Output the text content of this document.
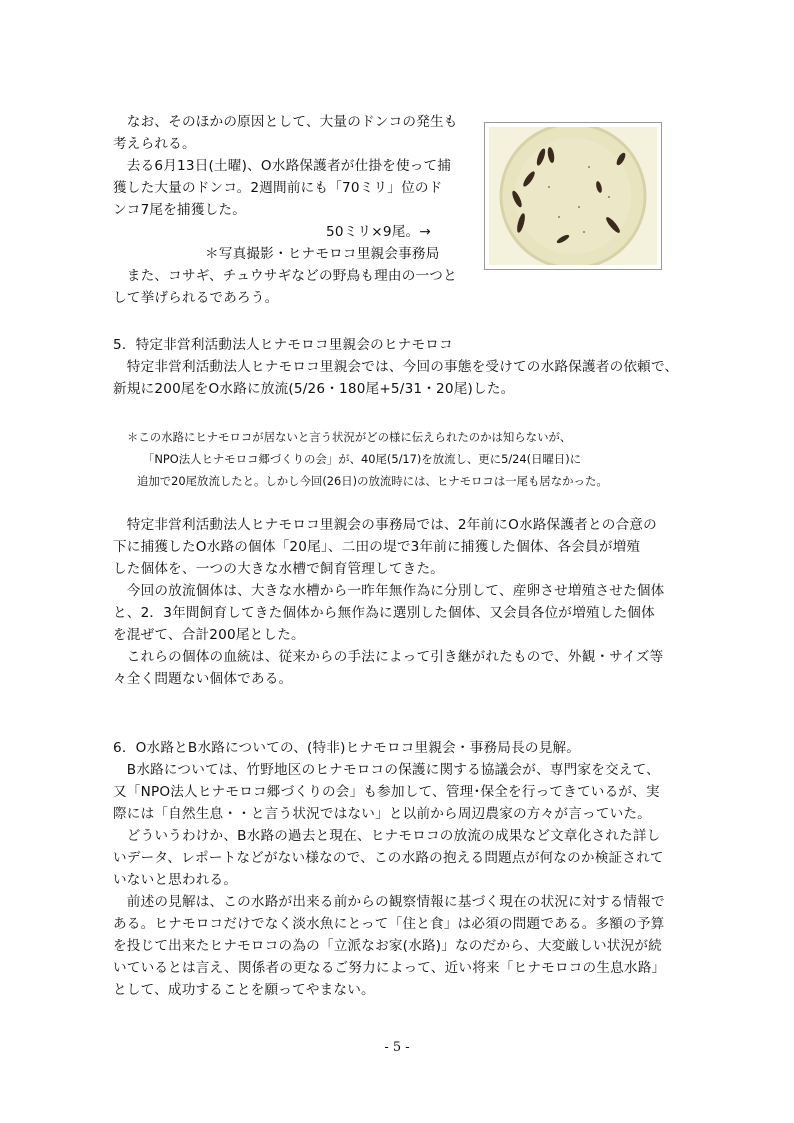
　なお、そのほかの原因として、大量のドンコの発生も
考えられる。
　去る6月13日(土曜)、O水路保護者が仕掛を使って捕
獲した大量のドンコ。2週間前にも「70ミリ」位のド
ンコ7尾を捕獲した。
50ミリ×9尾。→
＊写真撮影・ヒナモロコ里親会事務局
　また、コサギ、チュウサギなどの野鳥も理由の一つと
して挙げられるであろう。
5．特定非営利活動法人ヒナモロコ里親会のヒナモロコ
　特定非営利活動法人ヒナモロコ里親会では、今回の事態を受けての水路保護者の依頼で、
新規に200尾をO水路に放流(5/26・180尾+5/31・20尾)した。
＊この水路にヒナモロコが居ないと言う状況がどの様に伝えられたのかは知らないが、
「NPO法人ヒナモロコ郷づくりの会」が、40尾(5/17)を放流し、更に5/24(日曜日)に
追加で20尾放流したと。しかし今回(26日)の放流時には、ヒナモロコは一尾も居なかった。
　特定非営利活動法人ヒナモロコ里親会の事務局では、2年前にO水路保護者との合意の
下に捕獲したO水路の個体「20尾」、二田の堤で3年前に捕獲した個体、各会員が増殖
した個体を、一つの大きな水槽で飼育管理してきた。
　今回の放流個体は、大きな水槽から一昨年無作為に分別して、産卵させ増殖させた個体
と、2．3年間飼育してきた個体から無作為に選別した個体、又会員各位が増殖した個体
を混ぜて、合計200尾とした。
　これらの個体の血統は、従来からの手法によって引き継がれたもので、外観・サイズ等
々全く問題ない個体である。
6．O水路とB水路についての、(特非)ヒナモロコ里親会・事務局長の見解。
　B水路については、竹野地区のヒナモロコの保護に関する協議会が、専門家を交えて、
又「NPO法人ヒナモロコ郷づくりの会」も参加して、管理･保全を行ってきているが、実
際には「自然生息・・と言う状況ではない」と以前から周辺農家の方々が言っていた。
　どういうわけか、B水路の過去と現在、ヒナモロコの放流の成果など文章化された詳し
いデータ、レポートなどがない様なので、この水路の抱える問題点が何なのか検証されて
いないと思われる。
　前述の見解は、この水路が出来る前からの観察情報に基づく現在の状況に対する情報で
ある。ヒナモロコだけでなく淡水魚にとって「住と食」は必須の問題である。多額の予算
を投じて出来たヒナモロコの為の「立派なお家(水路)」なのだから、大変厳しい状況が続
いているとは言え、関係者の更なるご努力によって、近い将来「ヒナモロコの生息水路」
として、成功することを願ってやまない。
- 5 -
